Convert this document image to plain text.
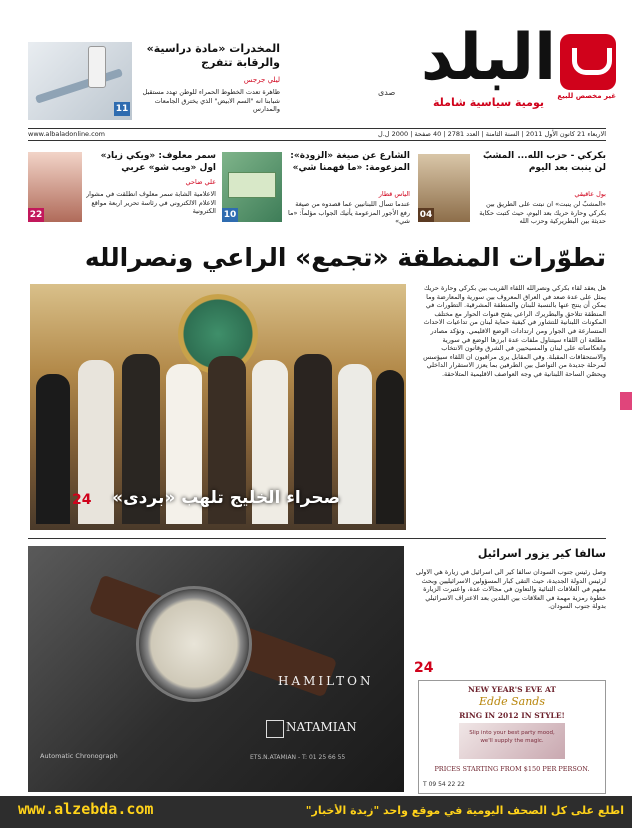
11
المخدرات «مادة دراسية» والرقابة تتفرج
ليلي جرجس
ظاهرة تعدت الخطوط الحمراء للوطن تهدد مستقبل شبابنا انه "السم الابيض" الذي يخترق الجامعات والمدارس
البلد
غير مخصص للبيع
يومية سياسية شاملة
صدى
الاربعاء 21 كانون الأول 2011 | السنة الثامنة | العدد 2781 | 40 صفحة | 2000 ل.ل
www.albaladonline.com
04
بكركي - حزب الله... المشبّ لن ينبت بعد اليوم
بول عاقيقي
«المشبّ لن ينبت» ان نبتت على الطريق بين بكركي وحارة حريك بعد اليوم، حيث كتبت حكاية حديثة بين البطريركية وحزب الله
10
الشارع عن صيغة «الزودة»: المزعومة: «ما فهمنا شي»
الياس قطار
عندما تسأل اللبنانيين عما قصدوه من صيغة رفع الأجور المزعومة يأتيك الجواب مؤلماً: «ما شي»
22
سمر معلوف: «ويكي زياد» اول «ويب شو» عربي
علي ضاحي
الاعلامية الشابة سمر معلوف انطلقت في مشوار الاعلام الالكتروني في رئاسة تحرير اربعة مواقع الكترونية
تطوّرات المنطقة «تجمع» الراعي ونصرالله
صحراء الخليج تلهب «بردى»
24
هل يعقد لقاء بكركي ونصرالله اللقاء القريب بين بكركي وحارة حريك يمثل على عدة صعد في العراق المعروف بين سورية والمعارضة وما يمكن أن ينتج عنها بالنسبة للبنان والمنطقة المشرقية. التطورات في المنطقة تتلاحق والبطريرك الراعي يفتح قنوات الحوار مع مختلف المكونات اللبنانية للتشاور في كيفية حماية لبنان من تداعيات الاحداث المتسارعة في الجوار ومن ارتدادات الوضع الاقليمي. وتؤكد مصادر مطلعة ان اللقاء سيتناول ملفات عدة ابرزها الوضع في سورية وانعكاساته على لبنان والمسيحيين في الشرق وقانون الانتخاب والاستحقاقات المقبلة. وفي المقابل يرى مراقبون ان اللقاء سيؤسس لمرحلة جديدة من التواصل بين الطرفين بما يعزز الاستقرار الداخلي ويحصّن الساحة اللبنانية في وجه العواصف الاقليمية المتلاحقة.
HAMILTON
Automatic Chronograph
NATAMIAN
ETS.N.ATAMIAN - T: 01 25 66 55
سالفا كير يزور اسرائيل
وصل رئيس جنوب السودان سالفا كير الى اسرائيل في زيارة هي الاولى لرئيس الدولة الجديدة، حيث التقى كبار المسؤولين الاسرائيليين وبحث معهم في العلاقات الثنائية والتعاون في مجالات عدة، واعتبرت الزيارة خطوة رمزية مهمة في العلاقات بين البلدين بعد الاعتراف الاسرائيلي بدولة جنوب السودان.
24
NEW YEAR'S EVE AT
Edde Sands
RING IN 2012 IN STYLE!
Slip into your best party mood, we'll supply the magic.
PRICES STARTING FROM $150 PER PERSON.
T 09 54 22 22
www.alzebda.com	اطلع على كل الصحف اليومية في موقع واحد "زبدة الأخبار"
